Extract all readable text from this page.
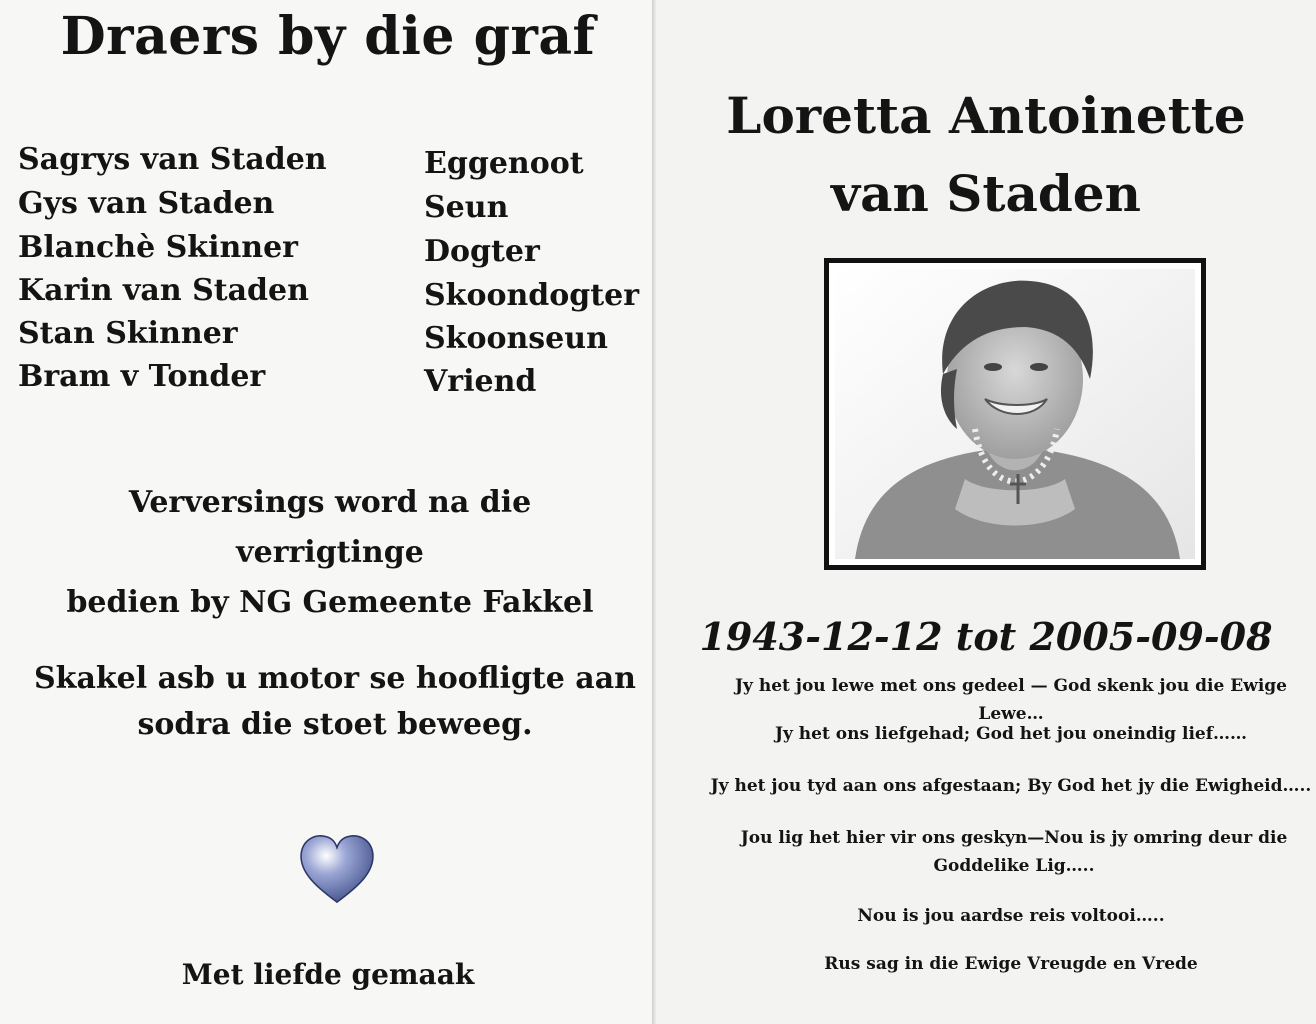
Draers by die graf
Sagrys van Staden	Eggenoot
Gys van Staden	Seun
Blanchè Skinner	Dogter
Karin van Staden	Skoondogter
Stan Skinner	Skoonseun
Bram v Tonder	Vriend
Verversings word na die verrigtinge
bedien by NG Gemeente Fakkel
Skakel asb u motor se hoofligte aan
sodra die stoet beweeg.
Met liefde gemaak
Loretta Antoinette
van Staden
1943-12-12 tot 2005-09-08
Jy het jou lewe met ons gedeel — God skenk jou die Ewige Lewe…
Jy het ons liefgehad; God het jou oneindig lief……
Jy het jou tyd aan ons afgestaan; By God het jy die Ewigheid…..
Jou lig het hier vir ons geskyn—Nou is jy omring deur die Goddelike Lig…..
Nou is jou aardse reis voltooi…..
Rus sag in die Ewige Vreugde en Vrede
